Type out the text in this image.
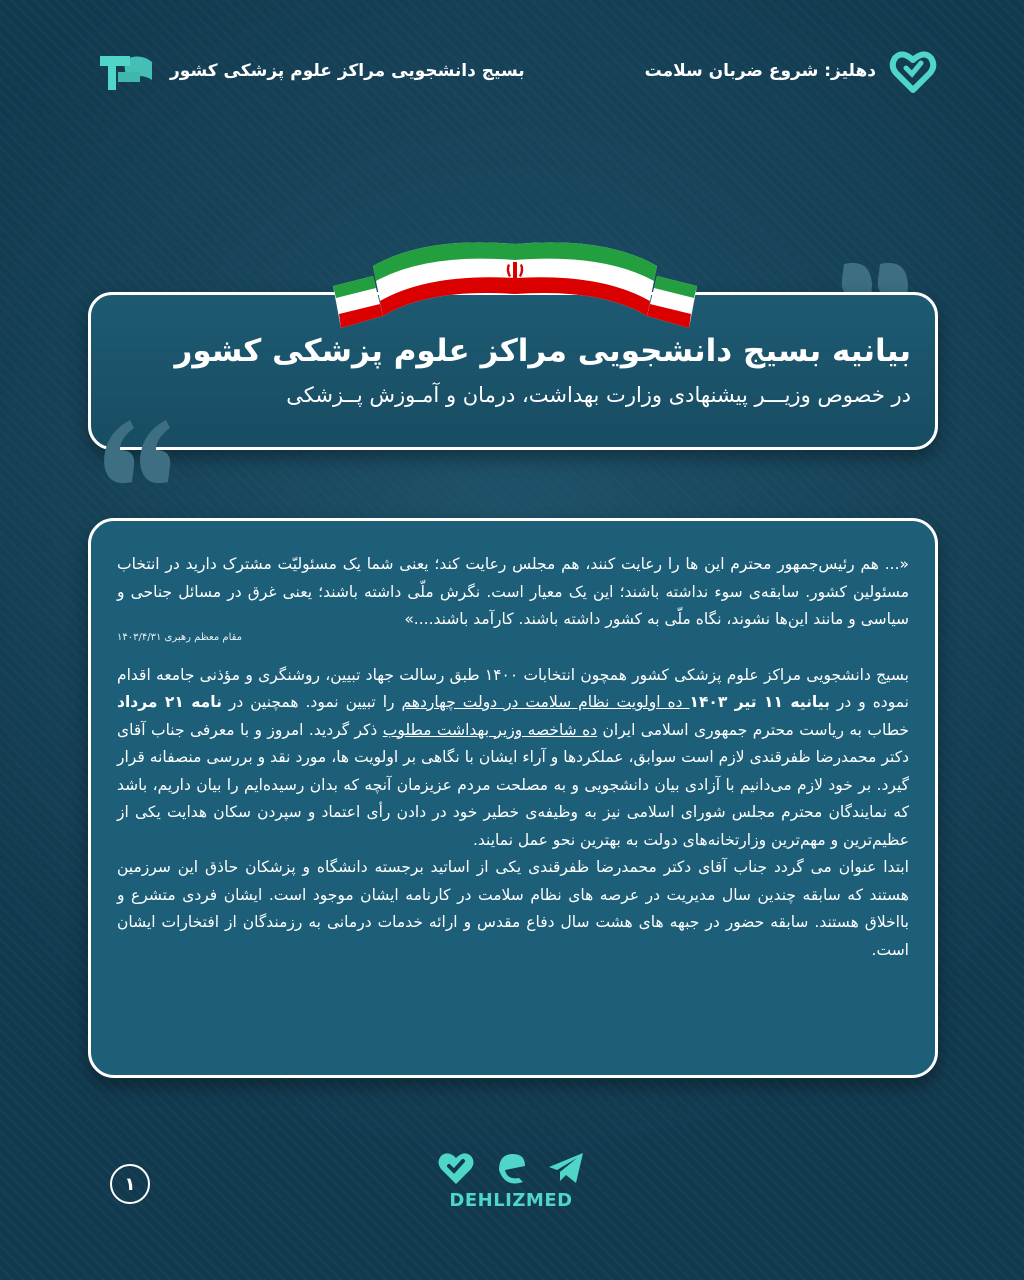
بسیج دانشجویی مراکز علوم پزشکی کشور	دهلیز: شروع ضربان سلامت
بیانیه بسیج دانشجویی مراکز علوم پزشکی کشور
در خصوص وزیـــر پیشنهادی وزارت بهداشت، درمان و آمـوزش پــزشکی

«... هم رئیس‌جمهور محترم این ها را رعایت کنند، هم مجلس رعایت کند؛ یعنی شما یک مسئولیّت مشترک دارید در انتخاب مسئولین کشور. سابقه‌ی سوء نداشته باشند؛ این یک معیار است. نگرش ملّی داشته باشند؛ یعنی غرق در مسائل جناحی و سیاسی و مانند این‌ها نشوند، نگاه ملّی به کشور داشته باشند. کارآمد باشند....»

مقام معظم رهبری ۱۴۰۳/۴/۳۱

بسیج دانشجویی مراکز علوم پزشکی کشور همچون انتخابات ۱۴۰۰ طبق رسالت جهاد تبیین، روشنگری و مؤذنی جامعه اقدام نموده و در بیانیه ۱۱ تیر ۱۴۰۳ ده اولویت نظام سلامت در دولت چهاردهم را تبیین نمود. همچنین در نامه ۲۱ مرداد خطاب به ریاست محترم جمهوری اسلامی ایران ده شاخصه وزیر بهداشت مطلوب ذکر گردید. امروز و با معرفی جناب آقای دکتر محمدرضا ظفرقندی لازم است سوابق، عملکردها و آراء ایشان با نگاهی بر اولویت ها، مورد نقد و بررسی منصفانه قرار گیرد. بر خود لازم می‌دانیم با آزادی بیان دانشجویی و به مصلحت مردم عزیزمان آنچه که بدان رسیده‌ایم را بیان داریم، باشد که نمایندگان محترم مجلس شورای اسلامی نیز به وظیفه‌ی خطیر خود در دادن رأی اعتماد و سپردن سکان هدایت یکی از عظیم‌ترین و مهم‌ترین وزارتخانه‌های دولت به بهترین نحو عمل نمایند.

ابتدا عنوان می گردد جناب آقای دکتر محمدرضا ظفرقندی یکی از اساتید برجسته دانشگاه و پزشکان حاذق این سرزمین هستند که سابقه چندین سال مدیریت در عرصه های نظام سلامت در کارنامه ایشان موجود است. ایشان فردی متشرع و بااخلاق هستند. سابقه حضور در جبهه های هشت سال دفاع مقدس و ارائه خدمات درمانی به رزمندگان از افتخارات ایشان است.

۱
DEHLIZMED
